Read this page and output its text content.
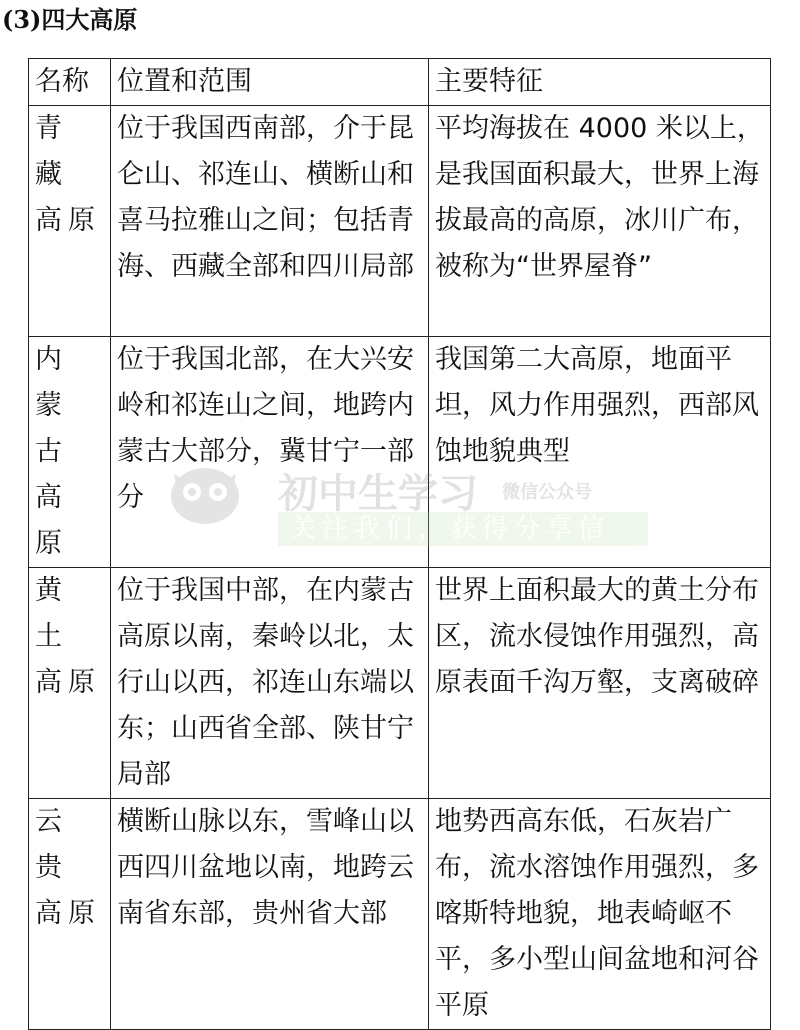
(3)四大高原
名称	位置和范围	主要特征
青 藏 高原	位于我国西南部，介于昆仑山、祁连山、横断山和喜马拉雅山之间；包括青海、西藏全部和四川局部	平均海拔在 4000 米以上，是我国面积最大，世界上海拔最高的高原，冰川广布，被称为“世界屋脊”
内 蒙 古 高 原	位于我国北部，在大兴安岭和祁连山之间，地跨内蒙古大部分，冀甘宁一部分	我国第二大高原，地面平坦，风力作用强烈，西部风蚀地貌典型
黄 土 高原	位于我国中部，在内蒙古高原以南，秦岭以北，太行山以西，祁连山东端以东；山西省全部、陕甘宁局部	世界上面积最大的黄土分布区，流水侵蚀作用强烈，高原表面千沟万壑，支离破碎
云 贵 高原	横断山脉以东，雪峰山以西四川盆地以南，地跨云南省东部，贵州省大部	地势西高东低，石灰岩广布，流水溶蚀作用强烈，多喀斯特地貌，地表崎岖不平，多小型山间盆地和河谷平原
初中生学习 微信公众号
关注我们，获得分享信
